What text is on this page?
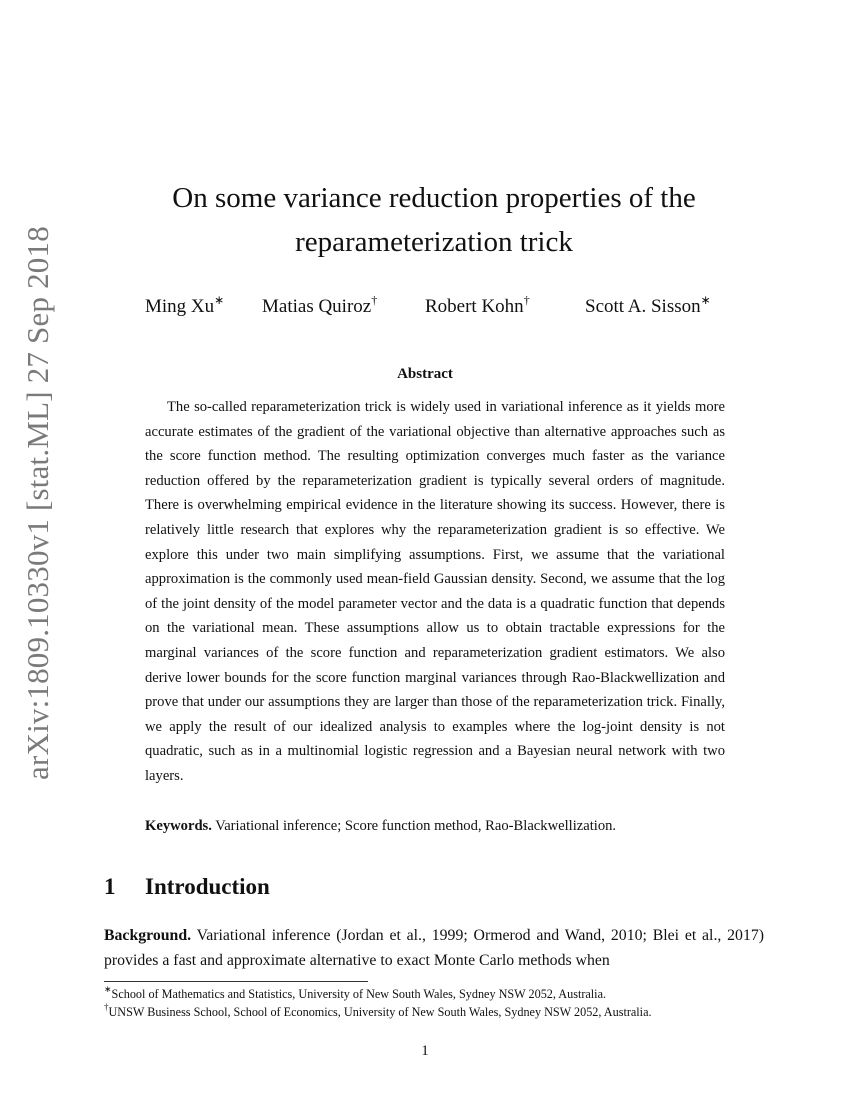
arXiv:1809.10330v1 [stat.ML] 27 Sep 2018
On some variance reduction properties of the
reparameterization trick
Ming Xu∗ Matias Quiroz†	Robert Kohn†	Scott A. Sisson∗
Abstract

The so-called reparameterization trick is widely used in variational inference as it yields more accurate estimates of the gradient of the variational objective than alternative approaches such as the score function method. The resulting optimization converges much faster as the variance reduction offered by the reparameterization gradient is typically several orders of magnitude. There is overwhelming empirical evidence in the literature showing its success. However, there is relatively little research that explores why the reparameterization gradient is so effective. We explore this under two main simplifying assumptions. First, we assume that the variational approximation is the commonly used mean-field Gaussian density. Second, we assume that the log of the joint density of the model parameter vector and the data is a quadratic function that depends on the variational mean. These assumptions allow us to obtain tractable expressions for the marginal variances of the score function and reparameterization gradient estimators. We also derive lower bounds for the score function marginal variances through Rao-Blackwellization and prove that under our assumptions they are larger than those of the reparameterization trick. Finally, we apply the result of our idealized analysis to examples where the log-joint density is not quadratic, such as in a multinomial logistic regression and a Bayesian neural network with two layers.

Keywords. Variational inference; Score function method, Rao-Blackwellization.
1 Introduction

Background. Variational inference (Jordan et al., 1999; Ormerod and Wand, 2010; Blei et al., 2017) provides a fast and approximate alternative to exact Monte Carlo methods when

∗School of Mathematics and Statistics, University of New South Wales, Sydney NSW 2052, Australia.
†UNSW Business School, School of Economics, University of New South Wales, Sydney NSW 2052, Australia.
1
